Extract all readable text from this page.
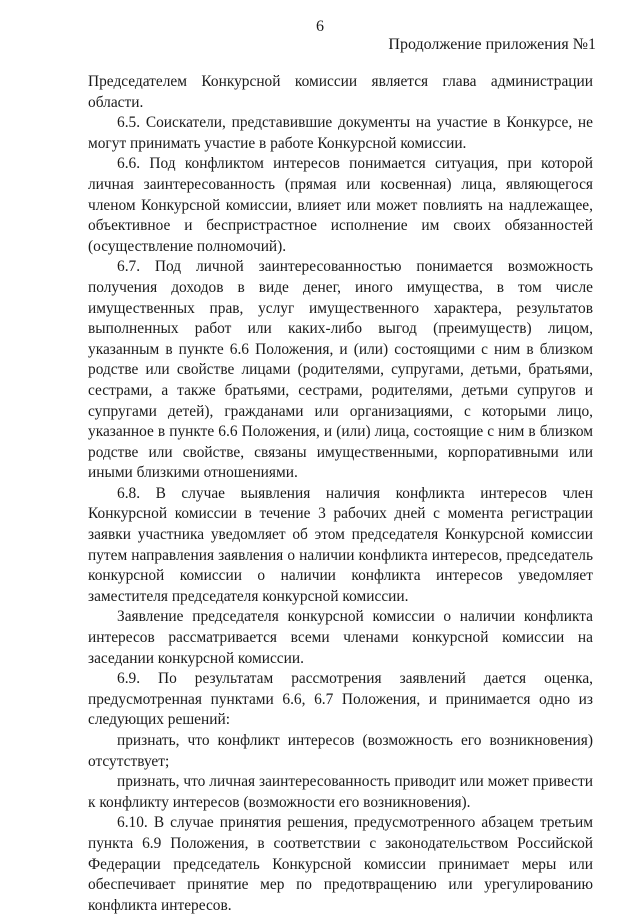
6
Продолжение приложения №1

Председателем Конкурсной комиссии является глава администрации области.

6.5. Соискатели, представившие документы на участие в Конкурсе, не могут принимать участие в работе Конкурсной комиссии.

6.6. Под конфликтом интересов понимается ситуация, при которой личная заинтересованность (прямая или косвенная) лица, являющегося членом Конкурсной комиссии, влияет или может повлиять на надлежащее, объективное и беспристрастное исполнение им своих обязанностей (осуществление полномочий).

6.7. Под личной заинтересованностью понимается возможность получения доходов в виде денег, иного имущества, в том числе имущественных прав, услуг имущественного характера, результатов выполненных работ или каких-либо выгод (преимуществ) лицом, указанным в пункте 6.6 Положения, и (или) состоящими с ним в близком родстве или свойстве лицами (родителями, супругами, детьми, братьями, сестрами, а также братьями, сестрами, родителями, детьми супругов и супругами детей), гражданами или организациями, с которыми лицо, указанное в пункте 6.6 Положения, и (или) лица, состоящие с ним в близком родстве или свойстве, связаны имущественными, корпоративными или иными близкими отношениями.

6.8. В случае выявления наличия конфликта интересов член Конкурсной комиссии в течение 3 рабочих дней с момента регистрации заявки участника уведомляет об этом председателя Конкурсной комиссии путем направления заявления о наличии конфликта интересов, председатель конкурсной комиссии о наличии конфликта интересов уведомляет заместителя председателя конкурсной комиссии.

Заявление председателя конкурсной комиссии о наличии конфликта интересов рассматривается всеми членами конкурсной комиссии на заседании конкурсной комиссии.

6.9. По результатам рассмотрения заявлений дается оценка, предусмотренная пунктами 6.6, 6.7 Положения, и принимается одно из следующих решений:

признать, что конфликт интересов (возможность его возникновения) отсутствует;

признать, что личная заинтересованность приводит или может привести к конфликту интересов (возможности его возникновения).

6.10. В случае принятия решения, предусмотренного абзацем третьим пункта 6.9 Положения, в соответствии с законодательством Российской Федерации председатель Конкурсной комиссии принимает меры или обеспечивает принятие мер по предотвращению или урегулированию конфликта интересов.
